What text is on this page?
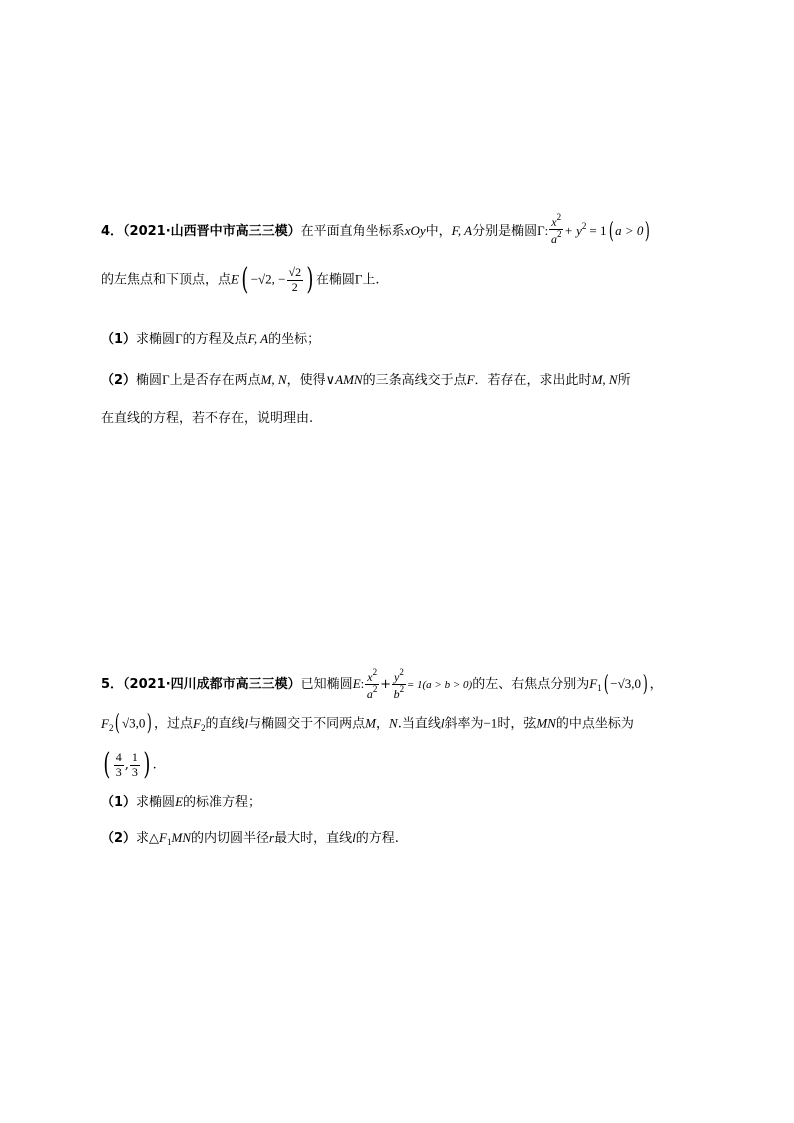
4．（2021·山西晋中市高三三模）在平面直角坐标系xOy中，F, A分别是椭圆Γ: $\frac{x^2}{a^2} + y^2 = 1$( a > 0)
的左焦点和下顶点，点E( −√2, − $\frac{√2}{2}$ ) 在椭圆Γ上.
（1）求椭圆Γ的方程及点F, A的坐标；
（2）椭圆Γ上是否存在两点M, N，使得∨AMN的三条高线交于点F．若存在，求出此时M, N所
在直线的方程，若不存在，说明理由.
5．（2021·四川成都市高三三模）已知椭圆E: $\frac{x^2}{a^2} + \frac{y^2}{b^2} = 1(a > b > 0)$的左、右焦点分别为$F_1( -√3,0)$ ，
$F_2$( √3,0) ，过点$F_2$的直线l与椭圆交于不同两点M，N.当直线l斜率为−1时，弦MN的中点坐标为
( $\frac{4}{3}$ , $\frac{1}{3}$ ) .
（1）求椭圆E的标准方程；
（2）求$\triangle F_1MN$的内切圆半径r最大时，直线l的方程.
